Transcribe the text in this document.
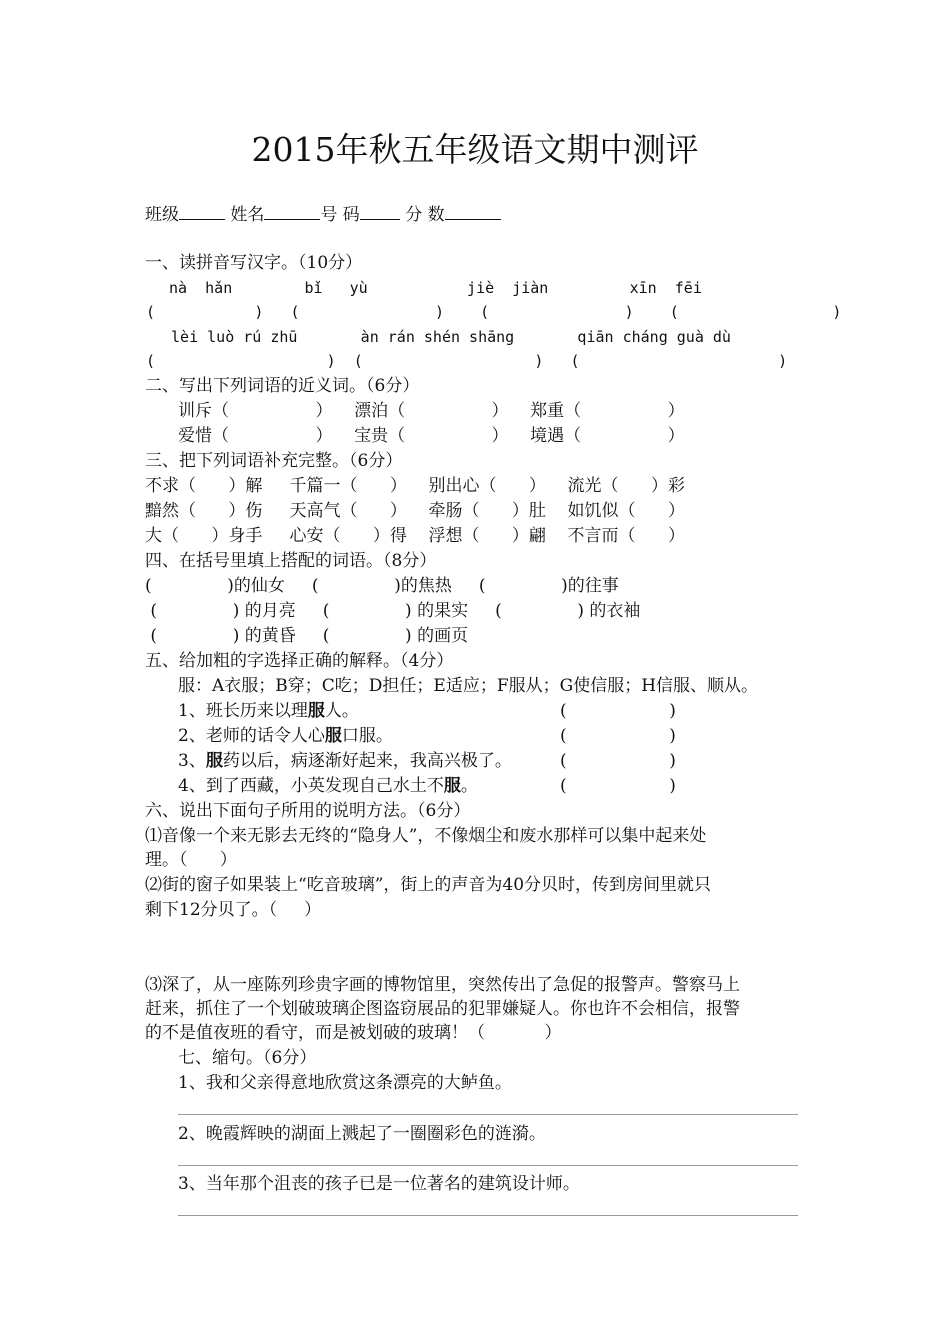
2015年秋五年级语文期中测评
班级	姓名	号 码	分 数
一、读拼音写汉字。（10分）
nà  hǎn        bǐ   yù           jiè  jiàn         xīn  fēi
(           )   (               )    (               )    (                 )
lèi luò rú zhū       àn rán shén shāng       qiān cháng guà dù
(                   )  (                   )   (                      )
二、写出下列词语的近义词。（6分）
训斥（                ）    漂泊（                ）    郑重（                ）
爱惜（                ）    宝贵（                ）    境遇（                ）
三、把下列词语补充完整。（6分）
不求（      ）解     千篇一（      ）    别出心（      ）    流光（      ）彩
黯然（      ）伤     天高气（      ）    牵肠（      ）肚    如饥似（      ）
大（      ）身手     心安（      ）得    浮想（      ）翩    不言而（      ）
四、在括号里填上搭配的词语。（8分）
(              )的仙女     (              )的焦热     (              )的往事
(              ) 的月亮     (              ) 的果实     (              ) 的衣袖
(              ) 的黄昏     (              ) 的画页
五、给加粗的字选择正确的解释。（4分）
服：A衣服；B穿；C吃；D担任；E适应；F服从；G使信服；H信服、顺从。
1、班长历来以理服人。	(                   )
2、老师的话令人心服口服。	(                   )
3、服药以后，病逐渐好起来，我高兴极了。	(                   )
4、到了西藏，小英发现自己水土不服。	(                   )
六、说出下面句子所用的说明方法。（6分）
⑴音像一个来无影去无终的“隐身人”，不像烟尘和废水那样可以集中起来处
理。（      ）
⑵街的窗子如果装上“吃音玻璃”，街上的声音为40分贝时，传到房间里就只
剩下12分贝了。（     ）
⑶深了，从一座陈列珍贵字画的博物馆里，突然传出了急促的报警声。警察马上
赶来，抓住了一个划破玻璃企图盗窃展品的犯罪嫌疑人。你也许不会相信，报警
的不是值夜班的看守，而是被划破的玻璃！（           ）
七、缩句。（6分）
1、我和父亲得意地欣赏这条漂亮的大鲈鱼。
2、晚霞辉映的湖面上溅起了一圈圈彩色的涟漪。
3、当年那个沮丧的孩子已是一位著名的建筑设计师。
